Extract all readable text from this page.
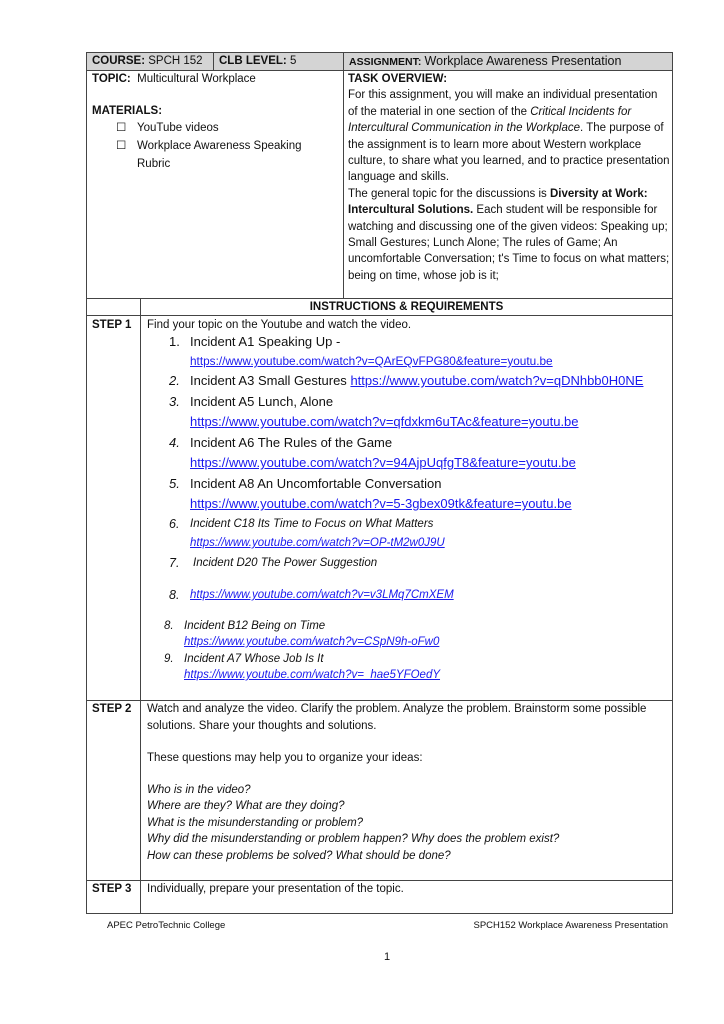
COURSE: SPCH 152 CLB LEVEL: 5	ASSIGNMENT: Workplace Awareness Presentation
TOPIC: Multicultural Workplace
MATERIALS:
☐ YouTube videos
☐ Workplace Awareness Speaking
Rubric
TASK OVERVIEW:
For this assignment, you will make an individual presentation of the material in one section of the Critical Incidents for Intercultural Communication in the Workplace. The purpose of the assignment is to learn more about Western workplace culture, to share what you learned, and to practice presentation language and skills.
The general topic for the discussions is Diversity at Work: Intercultural Solutions. Each student will be responsible for watching and discussing one of the given videos: Speaking up; Small Gestures; Lunch Alone; The rules of Game; An uncomfortable Conversation; t's Time to focus on what matters; being on time, whose job is it;
INSTRUCTIONS & REQUIREMENTS
STEP 1 Find your topic on the Youtube and watch the video.
1. Incident A1 Speaking Up -
https://www.youtube.com/watch?v=QArEQvFPG80&feature=youtu.be
2. Incident A3 Small Gestures https://www.youtube.com/watch?v=qDNhbb0H0NE
3. Incident A5 Lunch, Alone
https://www.youtube.com/watch?v=qfdxkm6uTAc&feature=youtu.be
4. Incident A6 The Rules of the Game
https://www.youtube.com/watch?v=94AjpUqfgT8&feature=youtu.be
5. Incident A8 An Uncomfortable Conversation
https://www.youtube.com/watch?v=5-3gbex09tk&feature=youtu.be
6. Incident C18 Its Time to Focus on What Matters
https://www.youtube.com/watch?v=OP-tM2w0J9U
7. Incident D20 The Power Suggestion
8. https://www.youtube.com/watch?v=v3LMq7CmXEM
8. Incident B12 Being on Time
https://www.youtube.com/watch?v=CSpN9h-oFw0
9. Incident A7 Whose Job Is It
https://www.youtube.com/watch?v=_hae5YFOedY
STEP 2 Watch and analyze the video. Clarify the problem. Analyze the problem. Brainstorm some possible solutions. Share your thoughts and solutions.
These questions may help you to organize your ideas:
Who is in the video?
Where are they? What are they doing?
What is the misunderstanding or problem?
Why did the misunderstanding or problem happen? Why does the problem exist?
How can these problems be solved? What should be done?
STEP 3 Individually, prepare your presentation of the topic.
APEC PetroTechnic College	SPCH152 Workplace Awareness Presentation
1
